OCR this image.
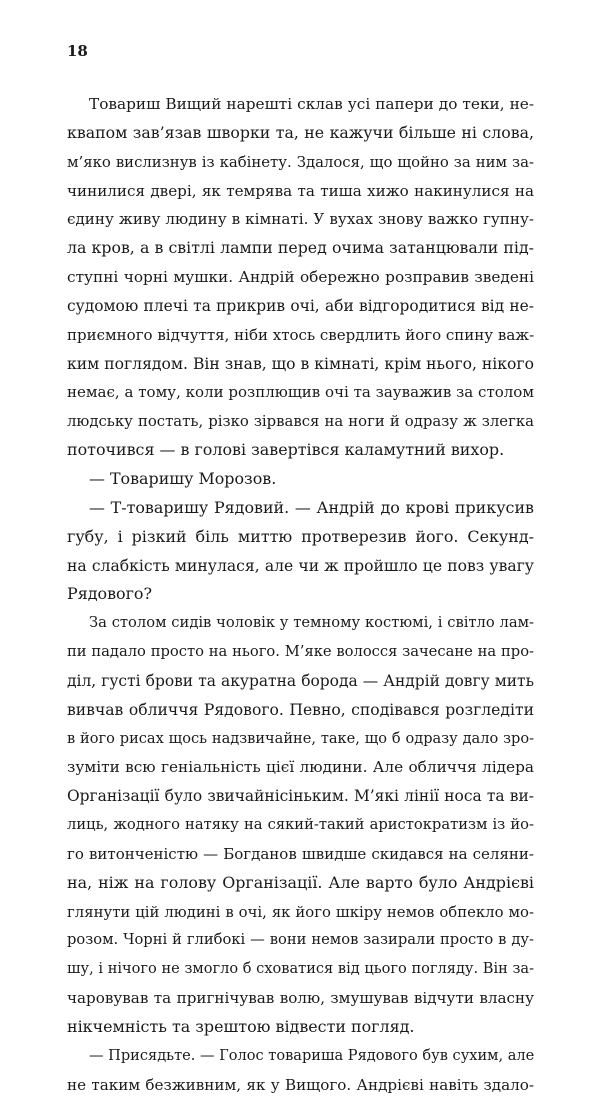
18
Товариш Вищий нарешті склав усі папери до теки, не-
квапом зав’язав шворки та, не кажучи більше ні слова,
м’яко вислизнув із кабінету. Здалося, що щойно за ним за-
чинилися двері, як темрява та тиша хижо накинулися на
єдину живу людину в кімнаті. У вухах знову важко гупну-
ла кров, а в світлі лампи перед очима затанцювали під-
ступні чорні мушки. Андрій обережно розправив зведені
судомою плечі та прикрив очі, аби відгородитися від не-
приємного відчуття, ніби хтось свердлить його спину важ-
ким поглядом. Він знав, що в кімнаті, крім нього, нікого
немає, а тому, коли розплющив очі та зауважив за столом
людську постать, різко зірвався на ноги й одразу ж злегка
поточився — в голові завертівся каламутний вихор.
— Товаришу Морозов.
— Т-товаришу Рядовий. — Андрій до крові прикусив
губу, і різкий біль миттю протверезив його. Секунд-
на слабкість минулася, але чи ж пройшло це повз увагу
Рядового?
За столом сидів чоловік у темному костюмі, і світло лам-
пи падало просто на нього. М’яке волосся зачесане на про-
діл, густі брови та акуратна борода — Андрій довгу мить
вивчав обличчя Рядового. Певно, сподівався розгледіти
в його рисах щось надзвичайне, таке, що б одразу дало зро-
зуміти всю геніальність цієї людини. Але обличчя лідера
Організації було звичайнісіньким. М’які лінії носа та ви-
лиць, жодного натяку на сякий-такий аристократизм із йо-
го витонченістю — Богданов швидше скидався на селяни-
на, ніж на голову Організації. Але варто було Андрієві
глянути цій людині в очі, як його шкіру немов обпекло мо-
розом. Чорні й глибокі — вони немов зазирали просто в ду-
шу, і нічого не змогло б сховатися від цього погляду. Він за-
чаровував та пригнічував волю, змушував відчути власну
нікчемність та зрештою відвести погляд.
— Присядьте. — Голос товариша Рядового був сухим, але
не таким безживним, як у Вищого. Андрієві навіть здало-
